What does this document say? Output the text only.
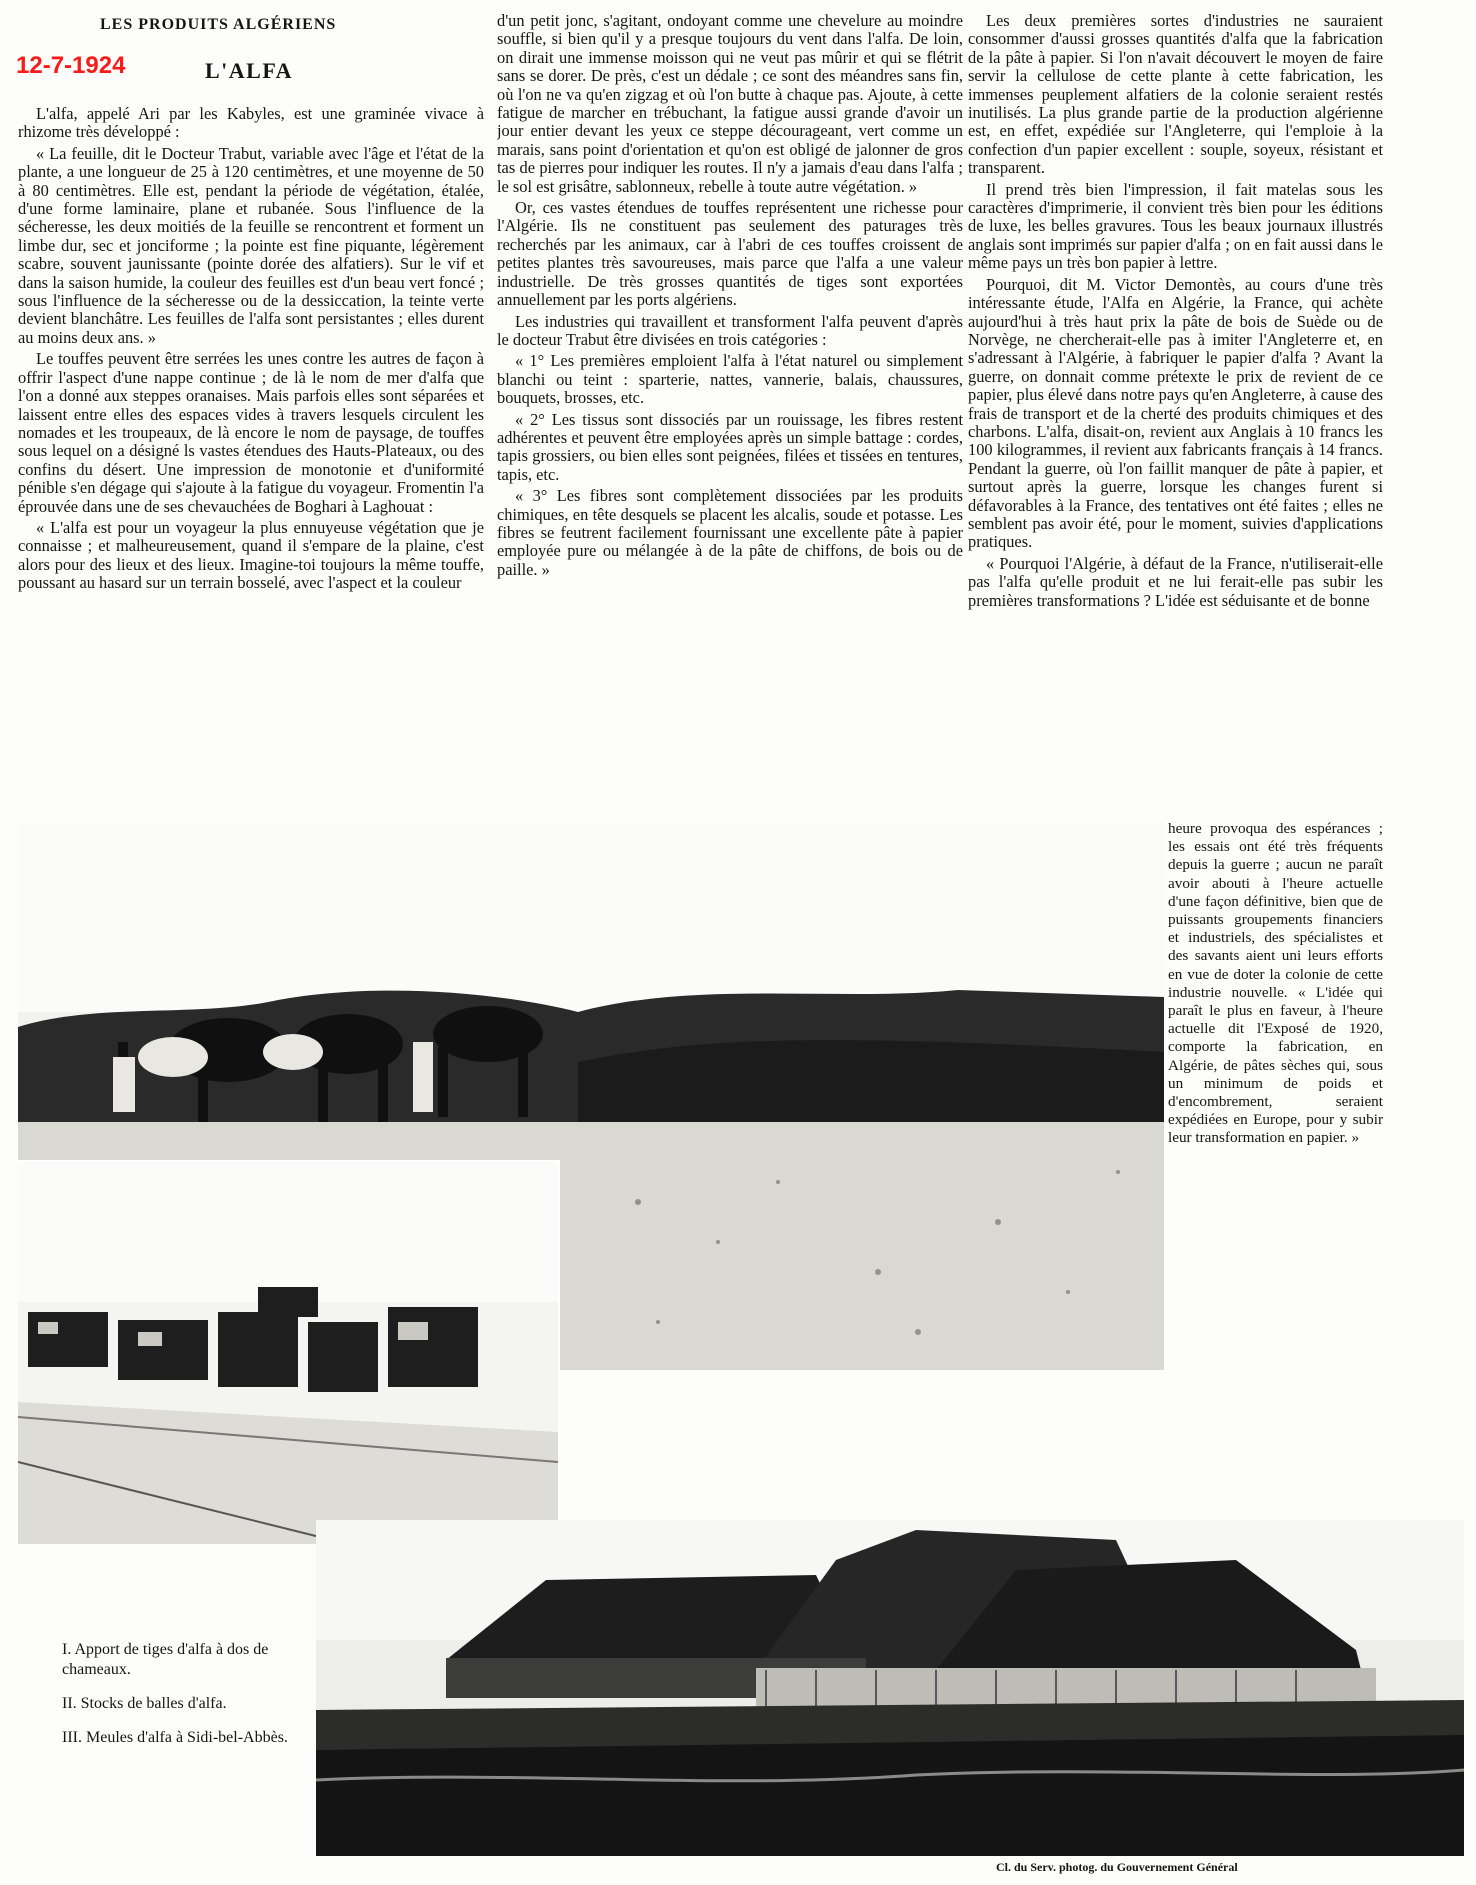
12-7-1924
LES PRODUITS ALGÉRIENS
L'ALFA

L'alfa, appelé Ari par les Kabyles, est une graminée vivace à rhizome très développé :

« La feuille, dit le Docteur Trabut, variable avec l'âge et l'état de la plante, a une longueur de 25 à 120 centimètres, et une moyenne de 50 à 80 centimètres. Elle est, pendant la période de végétation, étalée, d'une forme laminaire, plane et rubanée. Sous l'influence de la sécheresse, les deux moitiés de la feuille se rencontrent et forment un limbe dur, sec et jonciforme ; la pointe est fine piquante, légèrement scabre, souvent jaunissante (pointe dorée des alfatiers). Sur le vif et dans la saison humide, la couleur des feuilles est d'un beau vert foncé ; sous l'influence de la sécheresse ou de la dessiccation, la teinte verte devient blanchâtre. Les feuilles de l'alfa sont persistantes ; elles durent au moins deux ans. »

Le touffes peuvent être serrées les unes contre les autres de façon à offrir l'aspect d'une nappe continue ; de là le nom de mer d'alfa que l'on a donné aux steppes oranaises. Mais parfois elles sont séparées et laissent entre elles des espaces vides à travers lesquels circulent les nomades et les troupeaux, de là encore le nom de paysage, de touffes sous lequel on a désigné ls vastes étendues des Hauts-Plateaux, ou des confins du désert. Une impression de monotonie et d'uniformité pénible s'en dégage qui s'ajoute à la fatigue du voyageur. Fromentin l'a éprouvée dans une de ses chevauchées de Boghari à Laghouat :

« L'alfa est pour un voyageur la plus ennuyeuse végétation que je connaisse ; et malheureusement, quand il s'empare de la plaine, c'est alors pour des lieux et des lieux. Imagine-toi toujours la même touffe, poussant au hasard sur un terrain bosselé, avec l'aspect et la couleur

d'un petit jonc, s'agitant, ondoyant comme une chevelure au moindre souffle, si bien qu'il y a presque toujours du vent dans l'alfa. De loin, on dirait une immense moisson qui ne veut pas mûrir et qui se flétrit sans se dorer. De près, c'est un dédale ; ce sont des méandres sans fin, où l'on ne va qu'en zigzag et où l'on butte à chaque pas. Ajoute, à cette fatigue de marcher en trébuchant, la fatigue aussi grande d'avoir un jour entier devant les yeux ce steppe décourageant, vert comme un marais, sans point d'orientation et qu'on est obligé de jalonner de gros tas de pierres pour indiquer les routes. Il n'y a jamais d'eau dans l'alfa ; le sol est grisâtre, sablonneux, rebelle à toute autre végétation. »

Or, ces vastes étendues de touffes représentent une richesse pour l'Algérie. Ils ne constituent pas seulement des paturages très recherchés par les animaux, car à l'abri de ces touffes croissent de petites plantes très savoureuses, mais parce que l'alfa a une valeur industrielle. De très grosses quantités de tiges sont exportées annuellement par les ports algériens.

Les industries qui travaillent et transforment l'alfa peuvent d'après le docteur Trabut être divisées en trois catégories :

« 1° Les premières emploient l'alfa à l'état naturel ou simplement blanchi ou teint : sparterie, nattes, vannerie, balais, chaussures, bouquets, brosses, etc.

« 2° Les tissus sont dissociés par un rouissage, les fibres restent adhérentes et peuvent être employées après un simple battage : cordes, tapis grossiers, ou bien elles sont peignées, filées et tissées en tentures, tapis, etc.

« 3° Les fibres sont complètement dissociées par les produits chimiques, en tête desquels se placent les alcalis, soude et potasse. Les fibres se feutrent facilement fournissant une excellente pâte à papier employée pure ou mélangée à de la pâte de chiffons, de bois ou de paille. »

Les deux premières sortes d'industries ne sauraient consommer d'aussi grosses quantités d'alfa que la fabrication de la pâte à papier. Si l'on n'avait découvert le moyen de faire servir la cellulose de cette plante à cette fabrication, les immenses peuplement alfatiers de la colonie seraient restés inutilisés. La plus grande partie de la production algérienne est, en effet, expédiée sur l'Angleterre, qui l'emploie à la confection d'un papier excellent : souple, soyeux, résistant et transparent.

Il prend très bien l'impression, il fait matelas sous les caractères d'imprimerie, il convient très bien pour les éditions de luxe, les belles gravures. Tous les beaux journaux illustrés anglais sont imprimés sur papier d'alfa ; on en fait aussi dans le même pays un très bon papier à lettre.

Pourquoi, dit M. Victor Demontès, au cours d'une très intéressante étude, l'Alfa en Algérie, la France, qui achète aujourd'hui à très haut prix la pâte de bois de Suède ou de Norvège, ne chercherait-elle pas à imiter l'Angleterre et, en s'adressant à l'Algérie, à fabriquer le papier d'alfa ? Avant la guerre, on donnait comme prétexte le prix de revient de ce papier, plus élevé dans notre pays qu'en Angleterre, à cause des frais de transport et de la cherté des produits chimiques et des charbons. L'alfa, disait-on, revient aux Anglais à 10 francs les 100 kilogrammes, il revient aux fabricants français à 14 francs. Pendant la guerre, où l'on faillit manquer de pâte à papier, et surtout après la guerre, lorsque les changes furent si défavorables à la France, des tentatives ont été faites ; elles ne semblent pas avoir été, pour le moment, suivies d'applications pratiques.

« Pourquoi l'Algérie, à défaut de la France, n'utiliserait-elle pas l'alfa qu'elle produit et ne lui ferait-elle pas subir les premières transformations ? L'idée est séduisante et de bonne

heure provoqua des espérances ; les essais ont été très fréquents depuis la guerre ; aucun ne paraît avoir abouti à l'heure actuelle d'une façon définitive, bien que de puissants groupements financiers et industriels, des spécialistes et des savants aient uni leurs efforts en vue de doter la colonie de cette industrie nouvelle. « L'idée qui paraît le plus en faveur, à l'heure actuelle dit l'Exposé de 1920, comporte la fabrication, en Algérie, de pâtes sèches qui, sous un minimum de poids et d'encombrement, seraient expédiées en Europe, pour y subir leur transformation en papier. »

I. Apport de tiges d'alfa à dos de chameaux.
II. Stocks de balles d'alfa.
III. Meules d'alfa à Sidi-bel-Abbès.
Cl. du Serv. photog. du Gouvernement Général
